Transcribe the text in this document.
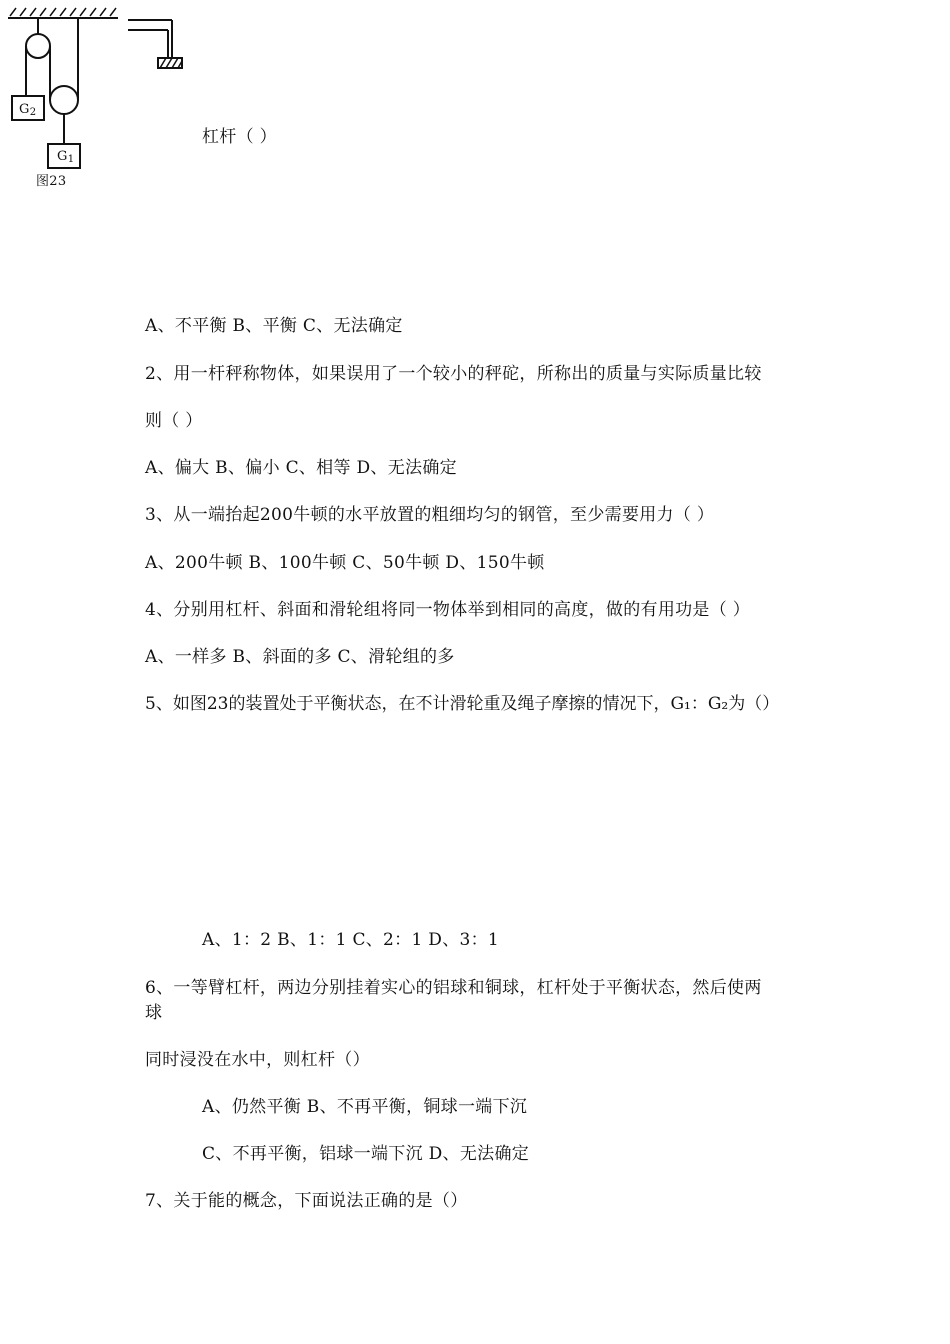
$G_2$
$G_1$
图23
杠杆（ ）
A、不平衡 B、平衡 C、无法确定
2、用一杆秤称物体，如果误用了一个较小的秤砣，所称出的质量与实际质量比较
则（ ）
A、偏大 B、偏小 C、相等 D、无法确定
3、从一端抬起200牛顿的水平放置的粗细均匀的钢管，至少需要用力（ ）
A、200牛顿 B、100牛顿 C、50牛顿 D、150牛顿
4、分别用杠杆、斜面和滑轮组将同一物体举到相同的高度，做的有用功是（ ）
A、一样多 B、斜面的多 C、滑轮组的多
5、如图23的装置处于平衡状态，在不计滑轮重及绳子摩擦的情况下，G₁：G₂为（）
A、1：2 B、1：1 C、2：1 D、3：1
6、一等臂杠杆，两边分别挂着实心的铝球和铜球，杠杆处于平衡状态，然后使两
球
同时浸没在水中，则杠杆（）
A、仍然平衡 B、不再平衡，铜球一端下沉
C、不再平衡，铝球一端下沉 D、无法确定
7、关于能的概念，下面说法正确的是（）
